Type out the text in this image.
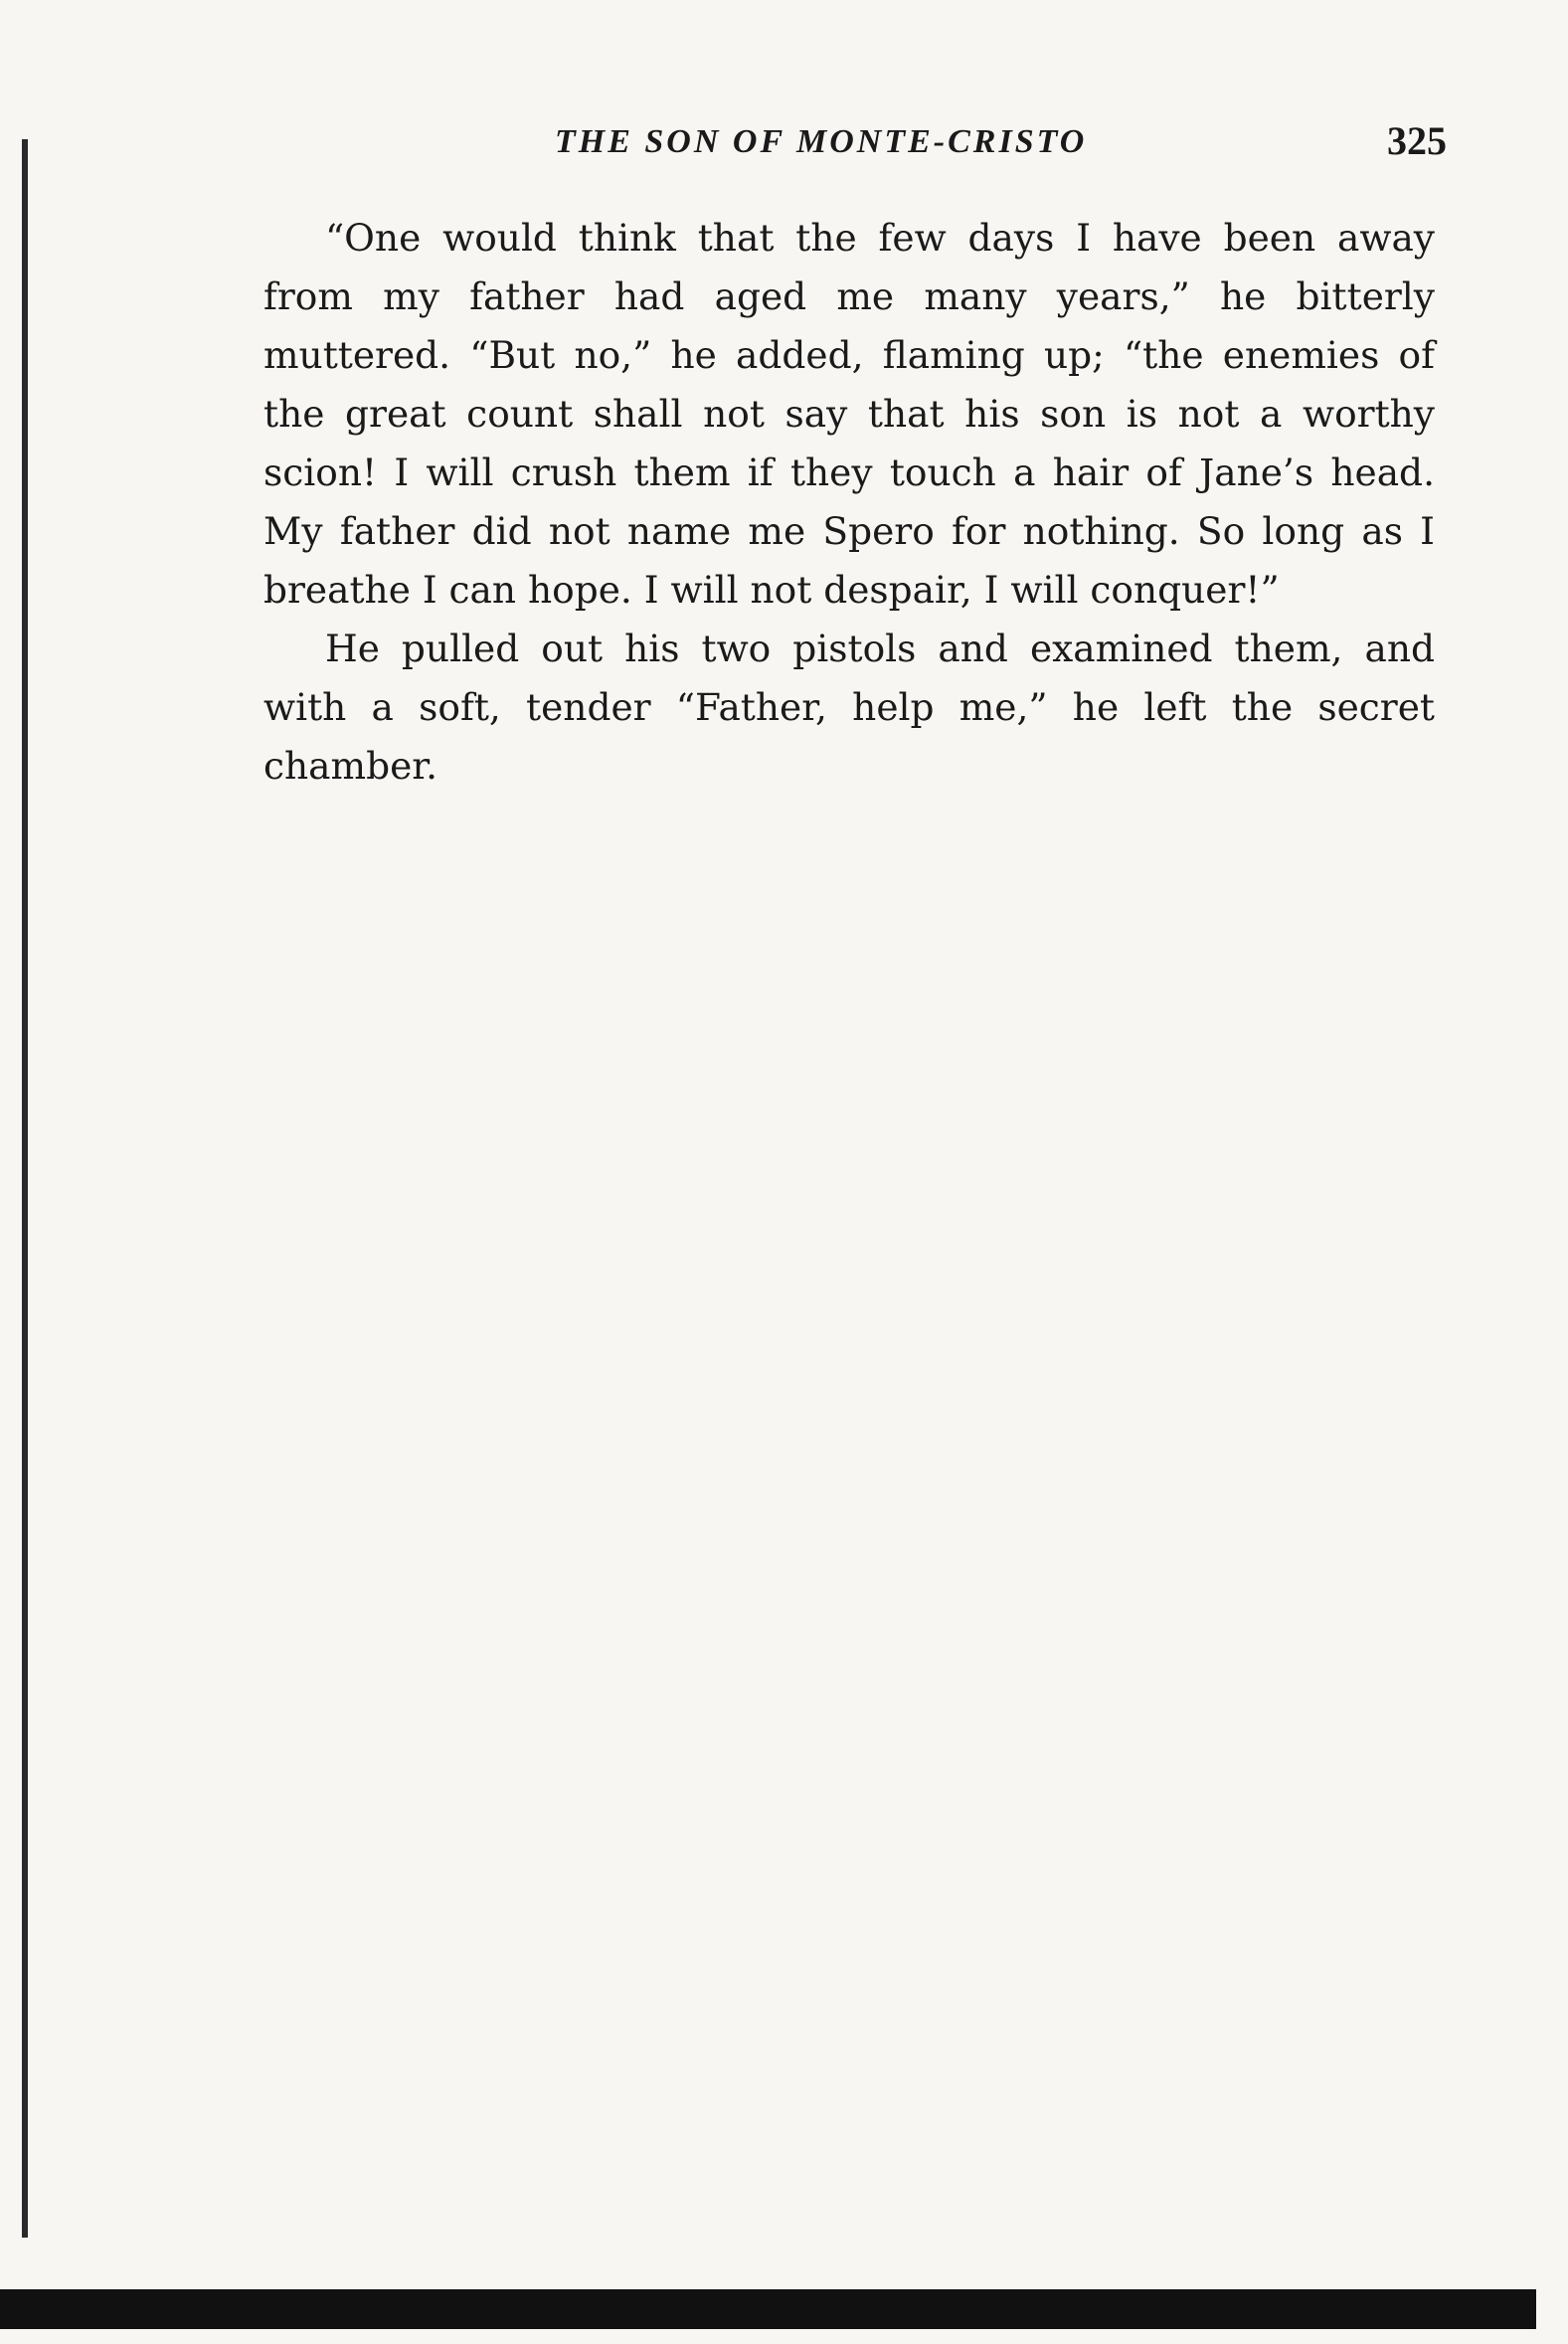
THE SON OF MONTE-CRISTO	325

“One would think that the few days I have been away from my father had aged me many years,” he bitterly muttered. “But no,” he added, flaming up; “the enemies of the great count shall not say that his son is not a worthy scion! I will crush them if they touch a hair of Jane’s head. My father did not name me Spero for nothing. So long as I breathe I can hope. I will not despair, I will conquer!”

He pulled out his two pistols and examined them, and with a soft, tender “Father, help me,” he left the secret chamber.
